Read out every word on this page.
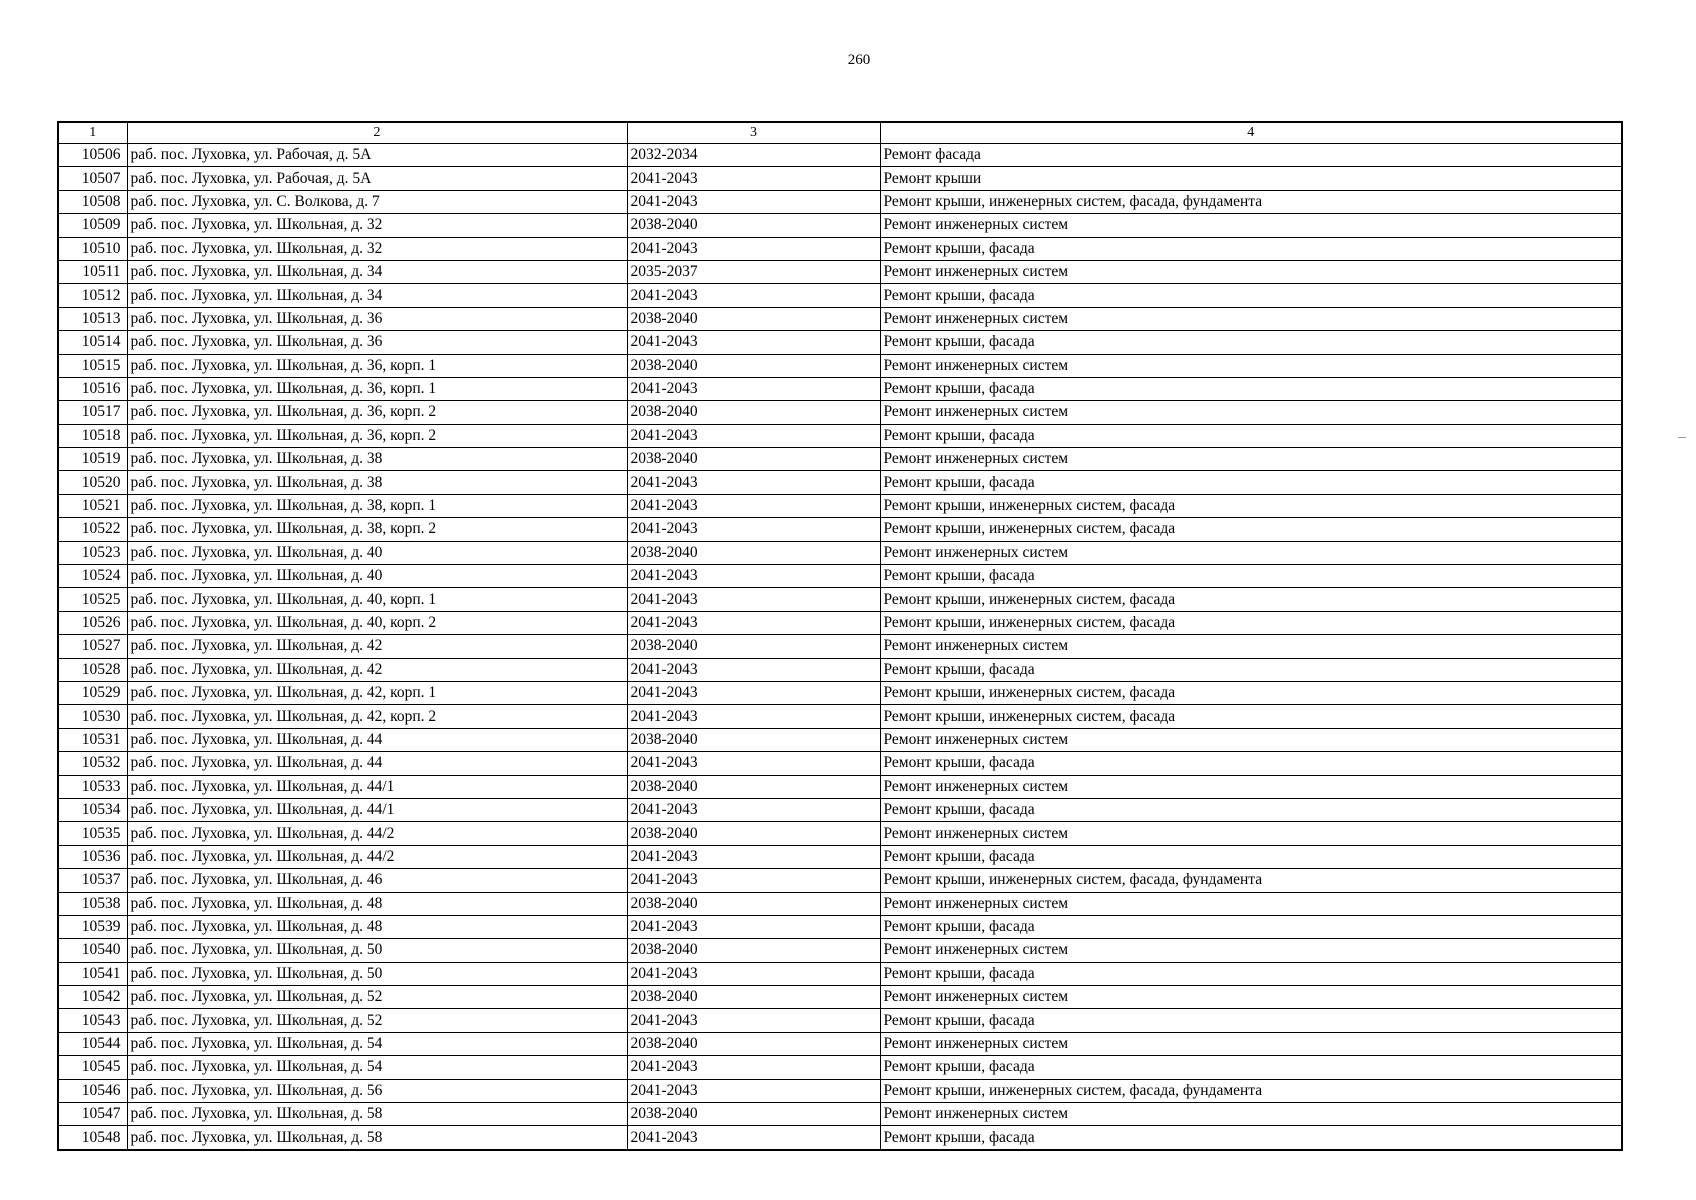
260
1	2	3	4
10506	раб. пос. Луховка, ул. Рабочая, д. 5А	2032-2034	Ремонт фасада
10507	раб. пос. Луховка, ул. Рабочая, д. 5А	2041-2043	Ремонт крыши
10508	раб. пос. Луховка, ул. С. Волкова, д. 7	2041-2043	Ремонт крыши, инженерных систем, фасада, фундамента
10509	раб. пос. Луховка, ул. Школьная, д. 32	2038-2040	Ремонт инженерных систем
10510	раб. пос. Луховка, ул. Школьная, д. 32	2041-2043	Ремонт крыши, фасада
10511	раб. пос. Луховка, ул. Школьная, д. 34	2035-2037	Ремонт инженерных систем
10512	раб. пос. Луховка, ул. Школьная, д. 34	2041-2043	Ремонт крыши, фасада
10513	раб. пос. Луховка, ул. Школьная, д. 36	2038-2040	Ремонт инженерных систем
10514	раб. пос. Луховка, ул. Школьная, д. 36	2041-2043	Ремонт крыши, фасада
10515	раб. пос. Луховка, ул. Школьная, д. 36, корп. 1	2038-2040	Ремонт инженерных систем
10516	раб. пос. Луховка, ул. Школьная, д. 36, корп. 1	2041-2043	Ремонт крыши, фасада
10517	раб. пос. Луховка, ул. Школьная, д. 36, корп. 2	2038-2040	Ремонт инженерных систем
10518	раб. пос. Луховка, ул. Школьная, д. 36, корп. 2	2041-2043	Ремонт крыши, фасада
10519	раб. пос. Луховка, ул. Школьная, д. 38	2038-2040	Ремонт инженерных систем
10520	раб. пос. Луховка, ул. Школьная, д. 38	2041-2043	Ремонт крыши, фасада
10521	раб. пос. Луховка, ул. Школьная, д. 38, корп. 1	2041-2043	Ремонт крыши, инженерных систем, фасада
10522	раб. пос. Луховка, ул. Школьная, д. 38, корп. 2	2041-2043	Ремонт крыши, инженерных систем, фасада
10523	раб. пос. Луховка, ул. Школьная, д. 40	2038-2040	Ремонт инженерных систем
10524	раб. пос. Луховка, ул. Школьная, д. 40	2041-2043	Ремонт крыши, фасада
10525	раб. пос. Луховка, ул. Школьная, д. 40, корп. 1	2041-2043	Ремонт крыши, инженерных систем, фасада
10526	раб. пос. Луховка, ул. Школьная, д. 40, корп. 2	2041-2043	Ремонт крыши, инженерных систем, фасада
10527	раб. пос. Луховка, ул. Школьная, д. 42	2038-2040	Ремонт инженерных систем
10528	раб. пос. Луховка, ул. Школьная, д. 42	2041-2043	Ремонт крыши, фасада
10529	раб. пос. Луховка, ул. Школьная, д. 42, корп. 1	2041-2043	Ремонт крыши, инженерных систем, фасада
10530	раб. пос. Луховка, ул. Школьная, д. 42, корп. 2	2041-2043	Ремонт крыши, инженерных систем, фасада
10531	раб. пос. Луховка, ул. Школьная, д. 44	2038-2040	Ремонт инженерных систем
10532	раб. пос. Луховка, ул. Школьная, д. 44	2041-2043	Ремонт крыши, фасада
10533	раб. пос. Луховка, ул. Школьная, д. 44/1	2038-2040	Ремонт инженерных систем
10534	раб. пос. Луховка, ул. Школьная, д. 44/1	2041-2043	Ремонт крыши, фасада
10535	раб. пос. Луховка, ул. Школьная, д. 44/2	2038-2040	Ремонт инженерных систем
10536	раб. пос. Луховка, ул. Школьная, д. 44/2	2041-2043	Ремонт крыши, фасада
10537	раб. пос. Луховка, ул. Школьная, д. 46	2041-2043	Ремонт крыши, инженерных систем, фасада, фундамента
10538	раб. пос. Луховка, ул. Школьная, д. 48	2038-2040	Ремонт инженерных систем
10539	раб. пос. Луховка, ул. Школьная, д. 48	2041-2043	Ремонт крыши, фасада
10540	раб. пос. Луховка, ул. Школьная, д. 50	2038-2040	Ремонт инженерных систем
10541	раб. пос. Луховка, ул. Школьная, д. 50	2041-2043	Ремонт крыши, фасада
10542	раб. пос. Луховка, ул. Школьная, д. 52	2038-2040	Ремонт инженерных систем
10543	раб. пос. Луховка, ул. Школьная, д. 52	2041-2043	Ремонт крыши, фасада
10544	раб. пос. Луховка, ул. Школьная, д. 54	2038-2040	Ремонт инженерных систем
10545	раб. пос. Луховка, ул. Школьная, д. 54	2041-2043	Ремонт крыши, фасада
10546	раб. пос. Луховка, ул. Школьная, д. 56	2041-2043	Ремонт крыши, инженерных систем, фасада, фундамента
10547	раб. пос. Луховка, ул. Школьная, д. 58	2038-2040	Ремонт инженерных систем
10548	раб. пос. Луховка, ул. Школьная, д. 58	2041-2043	Ремонт крыши, фасада
